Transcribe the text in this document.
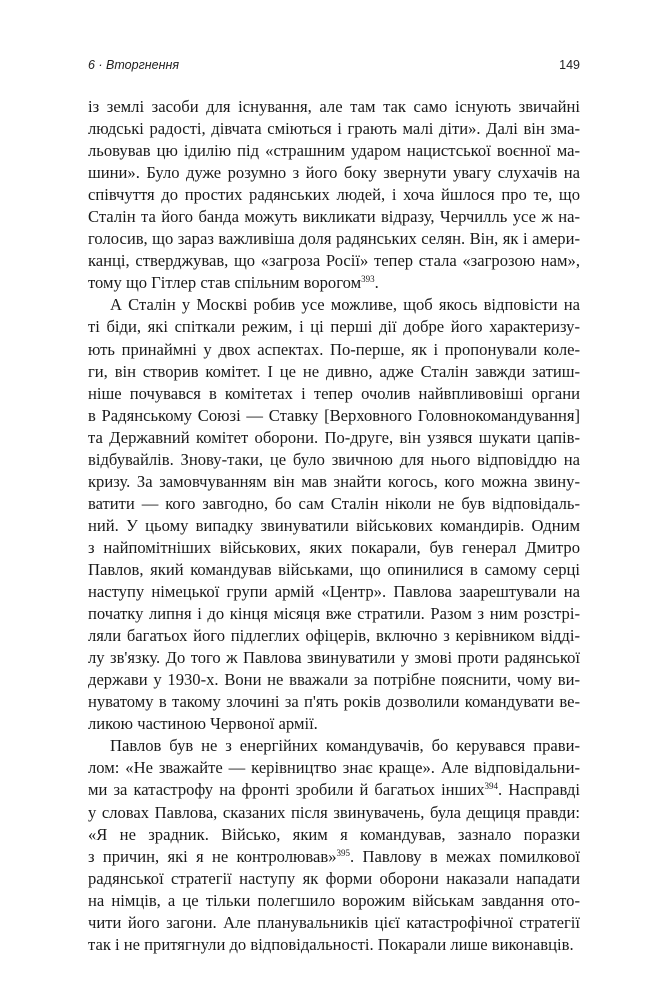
6 · Вторгнення	149
із землі засоби для існування, але там так само існують звичайні
людські радості, дівчата сміються і грають малі діти». Далі він зма-
льовував цю ідилію під «страшним ударом нацистської воєнної ма-
шини». Було дуже розумно з його боку звернути увагу слухачів на
співчуття до простих радянських людей, і хоча йшлося про те, що
Сталін та його банда можуть викликати відразу, Черчилль усе ж на-
голосив, що зараз важливіша доля радянських селян. Він, як і амери-
канці, стверджував, що «загроза Росії» тепер стала «загрозою нам»,
тому що Гітлер став спільним ворогом$^{393}$.
А Сталін у Москві робив усе можливе, щоб якось відповісти на
ті біди, які спіткали режим, і ці перші дії добре його характеризу-
ють принаймні у двох аспектах. По-перше, як і пропонували коле-
ги, він створив комітет. І це не дивно, адже Сталін завжди затиш-
ніше почувався в комітетах і тепер очолив найвпливовіші органи
в Радянському Союзі — Ставку [Верховного Головнокомандування]
та Державний комітет оборони. По-друге, він узявся шукати цапів-
відбувайлів. Знову-таки, це було звичною для нього відповіддю на
кризу. За замовчуванням він мав знайти когось, кого можна звину-
ватити — кого завгодно, бо сам Сталін ніколи не був відповідаль-
ний. У цьому випадку звинуватили військових командирів. Одним
з найпомітніших військових, яких покарали, був генерал Дмитро
Павлов, який командував військами, що опинилися в самому серці
наступу німецької групи армій «Центр». Павлова заарештували на
початку липня і до кінця місяця вже стратили. Разом з ним розстрі-
ляли багатьох його підлеглих офіцерів, включно з керівником відді-
лу зв'язку. До того ж Павлова звинуватили у змові проти радянської
держави у 1930-х. Вони не вважали за потрібне пояснити, чому ви-
нуватому в такому злочині за п'ять років дозволили командувати ве-
ликою частиною Червоної армії.
Павлов був не з енергійних командувачів, бо керувався прави-
лом: «Не зважайте — керівництво знає краще». Але відповідальни-
ми за катастрофу на фронті зробили й багатьох інших$^{394}$. Насправді
у словах Павлова, сказаних після звинувачень, була дещиця правди:
«Я не зрадник. Військо, яким я командував, зазнало поразки
з причин, які я не контролював»$^{395}$. Павлову в межах помилкової
радянської стратегії наступу як форми оборони наказали нападати
на німців, а це тільки полегшило ворожим військам завдання ото-
чити його загони. Але планувальників цієї катастрофічної стратегії
так і не притягнули до відповідальності. Покарали лише виконавців.
